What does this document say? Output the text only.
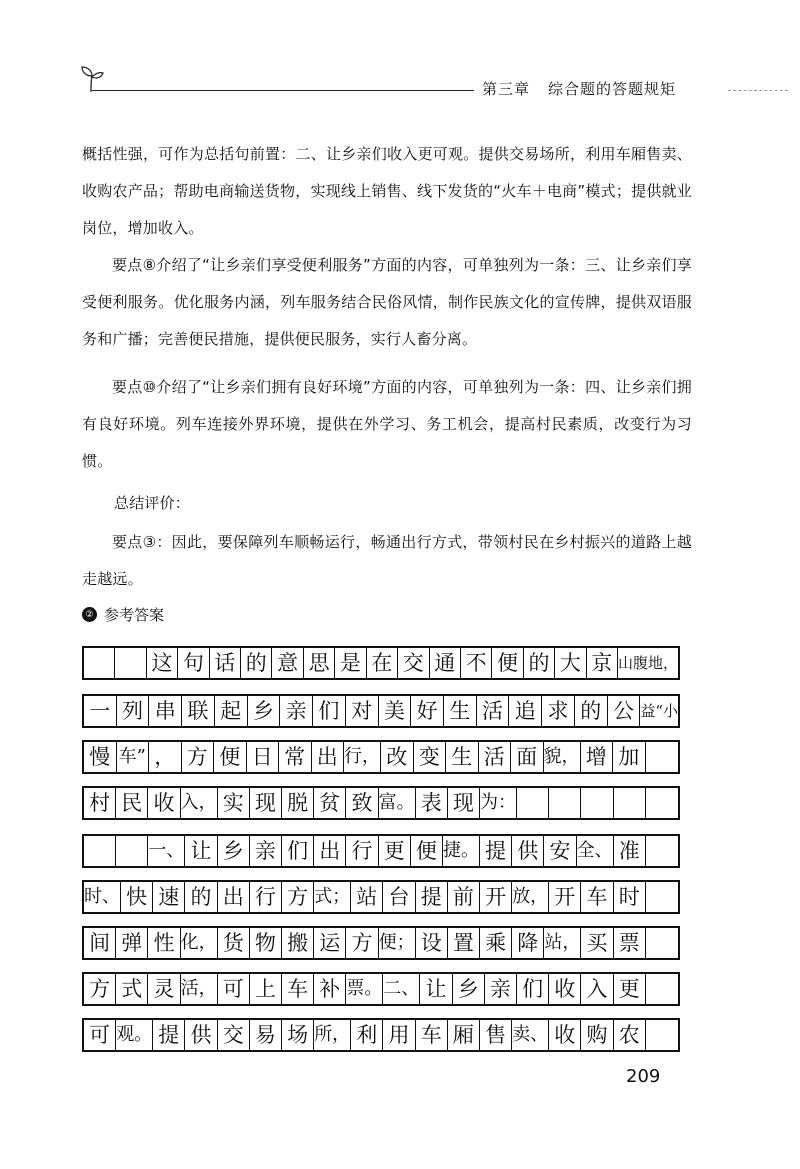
第三章 综合题的答题规矩
概括性强，可作为总括句前置：二、让乡亲们收入更可观。提供交易场所，利用车厢售卖、收购农产品；帮助电商输送货物，实现线上销售、线下发货的“火车＋电商”模式；提供就业岗位，增加收入。
要点⑧介绍了“让乡亲们享受便利服务”方面的内容，可单独列为一条：三、让乡亲们享受便利服务。优化服务内涵，列车服务结合民俗风情，制作民族文化的宣传牌，提供双语服务和广播；完善便民措施，提供便民服务，实行人畜分离。
要点⑩介绍了“让乡亲们拥有良好环境”方面的内容，可单独列为一条：四、让乡亲们拥有良好环境。列车连接外界环境，提供在外学习、务工机会，提高村民素质，改变行为习惯。
总结评价：
要点③：因此，要保障列车顺畅运行，畅通出行方式，带领村民在乡村振兴的道路上越走越远。
② 参考答案
这 句 话 的 意 思 是 在 交 通 不 便 的 大 京 山腹地，
一 列 串 联 起 乡 亲 们 对 美 好 生 活 追 求 的 公 益“小
慢 车” ， 方 便 日 常 出 行， 改 变 生 活 面 貌， 增 加
村 民 收 入， 实 现 脱 贫 致 富。 表 现 为：
一、 让 乡 亲 们 出 行 更 便 捷。 提 供 安 全、 准
时、 快 速 的 出 行 方 式； 站 台 提 前 开 放， 开 车 时
间 弹 性 化， 货 物 搬 运 方 便； 设 置 乘 降 站， 买 票
方 式 灵 活， 可 上 车 补 票。 二、 让 乡 亲 们 收 入 更
可 观。 提 供 交 易 场 所， 利 用 车 厢 售 卖、 收 购 农
209
